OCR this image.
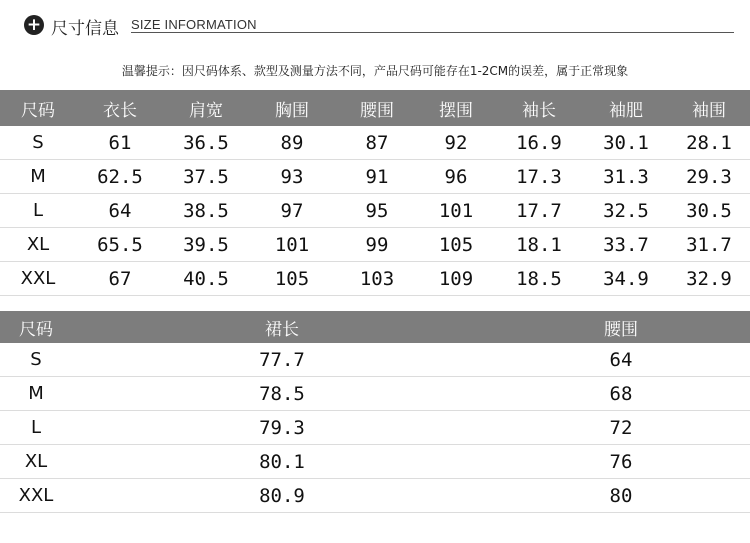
+ 尺寸信息 SIZE INFORMATION
温馨提示：因尺码体系、款型及测量方法不同，产品尺码可能存在1-2CM的误差，属于正常现象
尺码	衣长	肩宽	胸围	腰围	摆围	袖长	袖肥	袖围
S	61	36.5	89	87	92	16.9	30.1	28.1
M	62.5	37.5	93	91	96	17.3	31.3	29.3
L	64	38.5	97	95	101	17.7	32.5	30.5
XL	65.5	39.5	101	99	105	18.1	33.7	31.7
XXL	67	40.5	105	103	109	18.5	34.9	32.9
尺码	裙长	腰围
S	77.7	64
M	78.5	68
L	79.3	72
XL	80.1	76
XXL	80.9	80
